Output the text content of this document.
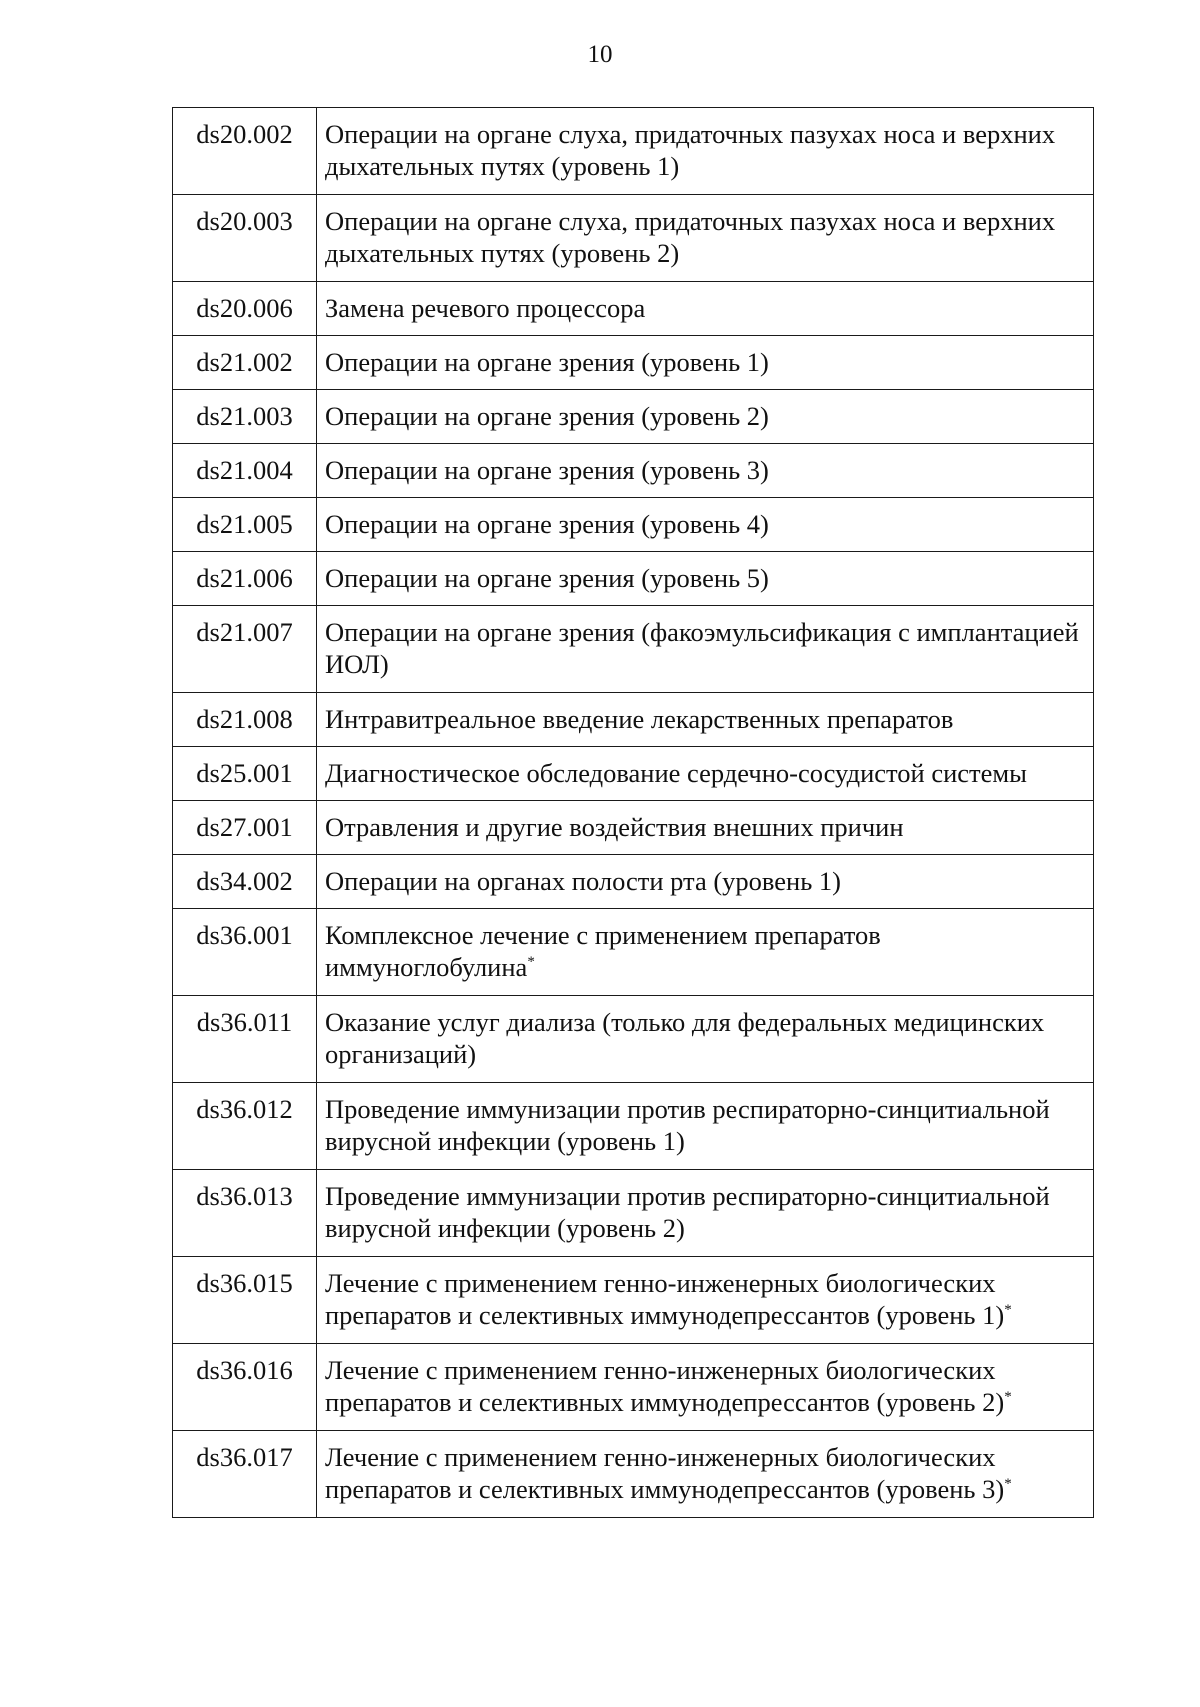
10
ds20.002	Операции на органе слуха, придаточных пазухах носа и верхних дыхательных путях (уровень 1)
ds20.003	Операции на органе слуха, придаточных пазухах носа и верхних дыхательных путях (уровень 2)
ds20.006	Замена речевого процессора
ds21.002	Операции на органе зрения (уровень 1)
ds21.003	Операции на органе зрения (уровень 2)
ds21.004	Операции на органе зрения (уровень 3)
ds21.005	Операции на органе зрения (уровень 4)
ds21.006	Операции на органе зрения (уровень 5)
ds21.007	Операции на органе зрения (факоэмульсификация с имплантацией ИОЛ)
ds21.008	Интравитреальное введение лекарственных препаратов
ds25.001	Диагностическое обследование сердечно-сосудистой системы
ds27.001	Отравления и другие воздействия внешних причин
ds34.002	Операции на органах полости рта (уровень 1)
ds36.001	Комплексное лечение с применением препаратов иммуноглобулина*
ds36.011	Оказание услуг диализа (только для федеральных медицинских организаций)
ds36.012	Проведение иммунизации против респираторно-синцитиальной вирусной инфекции (уровень 1)
ds36.013	Проведение иммунизации против респираторно-синцитиальной вирусной инфекции (уровень 2)
ds36.015	Лечение с применением генно-инженерных биологических препаратов и селективных иммунодепрессантов (уровень 1)*
ds36.016	Лечение с применением генно-инженерных биологических препаратов и селективных иммунодепрессантов (уровень 2)*
ds36.017	Лечение с применением генно-инженерных биологических препаратов и селективных иммунодепрессантов (уровень 3)*
